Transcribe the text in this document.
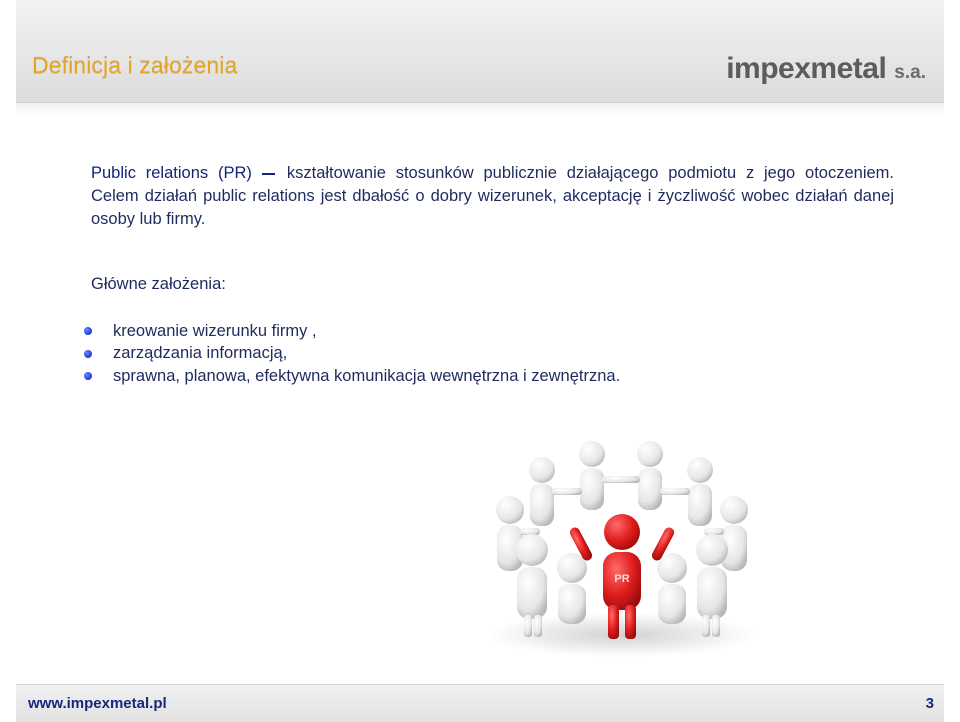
Definicja i założenia	impexmetal s.a.

Public relations (PR) kształtowanie stosunków publicznie działającego podmiotu z jego otoczeniem. Celem działań public relations jest dbałość o dobry wizerunek, akceptację i życzliwość wobec działań danej osoby lub firmy.

Główne założenia:
kreowanie wizerunku firmy ,
zarządzania informacją,
sprawna, planowa, efektywna komunikacja wewnętrzna i zewnętrzna.
PR
www.impexmetal.pl	3
